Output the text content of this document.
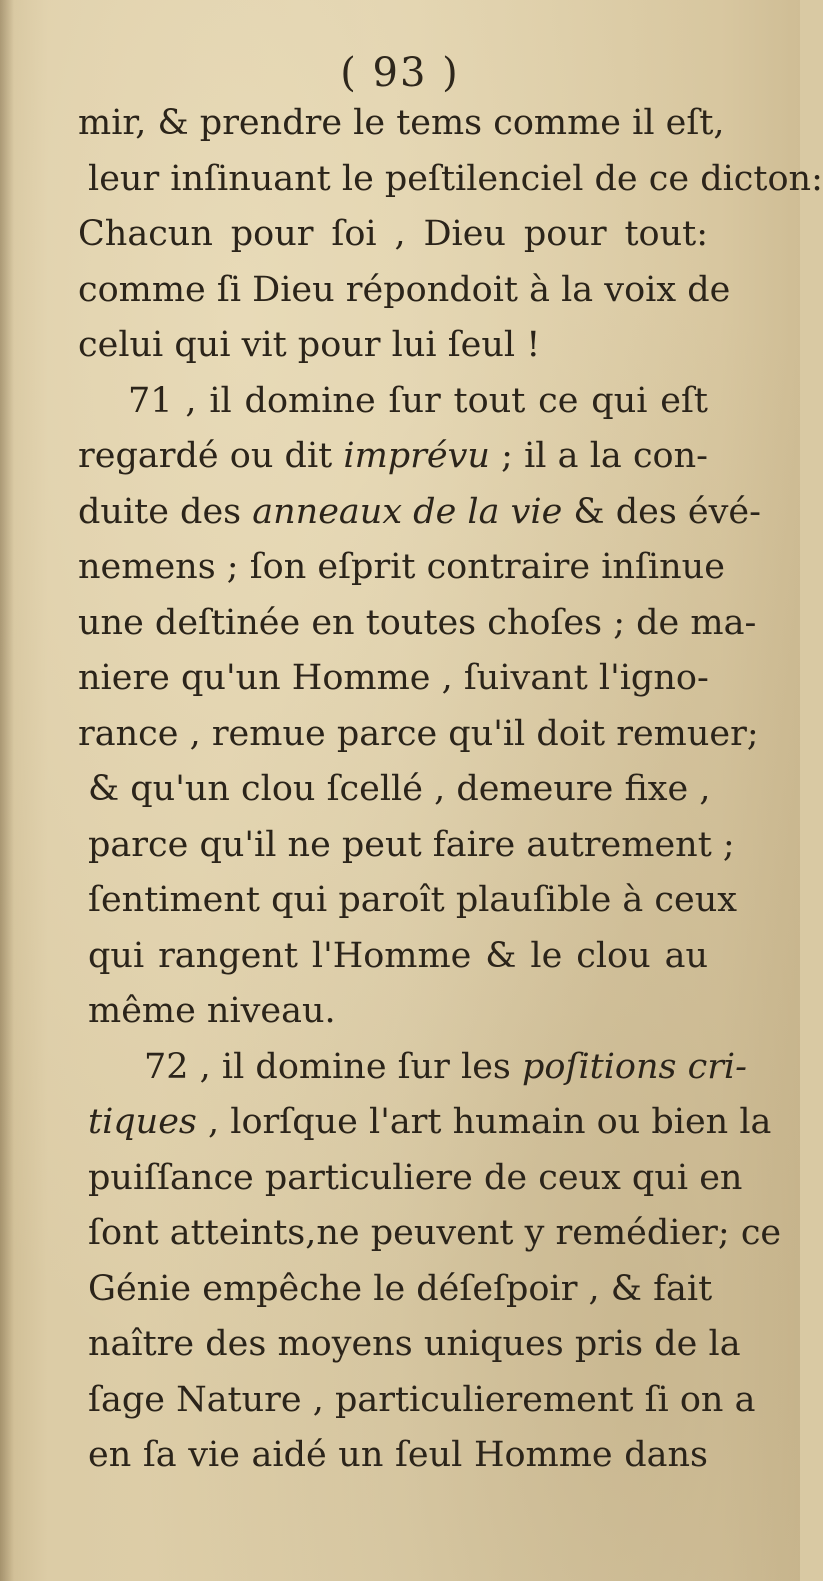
( 93 )
mir, & prendre le tems comme il eſt,
leur inſinuant le peſtilenciel de ce dicton:
Chacun pour ſoi , Dieu pour tout:
comme ſi Dieu répondoit à la voix de
celui qui vit pour lui ſeul !
71 , il domine ſur tout ce qui eſt
regardé ou dit imprévu ; il a la con-
duite des anneaux de la vie & des évé-
nemens ; ſon eſprit contraire inſinue
une deſtinée en toutes choſes ; de ma-
niere qu'un Homme , ſuivant l'igno-
rance , remue parce qu'il doit remuer;
& qu'un clou ſcellé , demeure fixe ,
parce qu'il ne peut faire autrement ;
ſentiment qui paroît plauſible à ceux
qui rangent l'Homme & le clou au
même niveau.
72 , il domine ſur les poſitions cri-
tiques , lorſque l'art humain ou bien la
puiſſance particuliere de ceux qui en
ſont atteints,ne peuvent y remédier; ce
Génie empêche le déſeſpoir , & fait
naître des moyens uniques pris de la
ſage Nature , particulierement ſi on a
en ſa vie aidé un ſeul Homme dans
